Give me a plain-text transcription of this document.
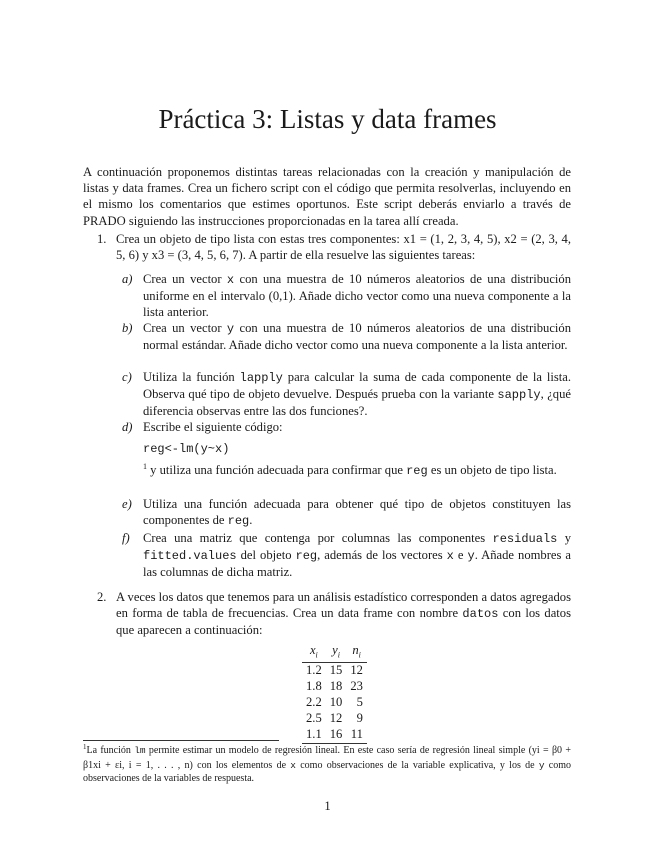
Práctica 3: Listas y data frames

A continuación proponemos distintas tareas relacionadas con la creación y manipulación de listas y data frames. Crea un fichero script con el código que permita resolverlas, incluyendo en el mismo los comentarios que estimes oportunos. Este script deberás enviarlo a través de PRADO siguiendo las instrucciones proporcionadas en la tarea allí creada.

1. Crea un objeto de tipo lista con estas tres componentes: x1 = (1, 2, 3, 4, 5), x2 = (2, 3, 4, 5, 6) y x3 = (3, 4, 5, 6, 7). A partir de ella resuelve las siguientes tareas:
a) Crea un vector x con una muestra de 10 números aleatorios de una distribución uniforme en el intervalo (0,1). Añade dicho vector como una nueva componente a la lista anterior.
b) Crea un vector y con una muestra de 10 números aleatorios de una distribución normal estándar. Añade dicho vector como una nueva componente a la lista anterior.
c) Utiliza la función lapply para calcular la suma de cada componente de la lista. Observa qué tipo de objeto devuelve. Después prueba con la variante sapply, ¿qué diferencia observas entre las dos funciones?.
d) Escribe el siguiente código:
reg<-lm(y~x)
$^1$ y utiliza una función adecuada para confirmar que reg es un objeto de tipo lista.
e) Utiliza una función adecuada para obtener qué tipo de objetos constituyen las componentes de reg.
f) Crea una matriz que contenga por columnas las componentes residuals y fitted.values del objeto reg, además de los vectores x e y. Añade nombres a las columnas de dicha matriz.
2. A veces los datos que tenemos para un análisis estadístico corresponden a datos agregados en forma de tabla de frecuencias. Crea un data frame con nombre datos con los datos que aparecen a continuación:
$x_i$	$y_i$	$n_i$
1.2	15	12
1.8	18	23
2.2	10	5
2.5	12	9
1.1	16	11
$^1$La función lm permite estimar un modelo de regresión lineal. En este caso sería de regresión lineal simple (yi = β0 + β1xi + εi, i = 1, . . . , n) con los elementos de x como observaciones de la variable explicativa, y los de y como observaciones de la variables de respuesta.
1
